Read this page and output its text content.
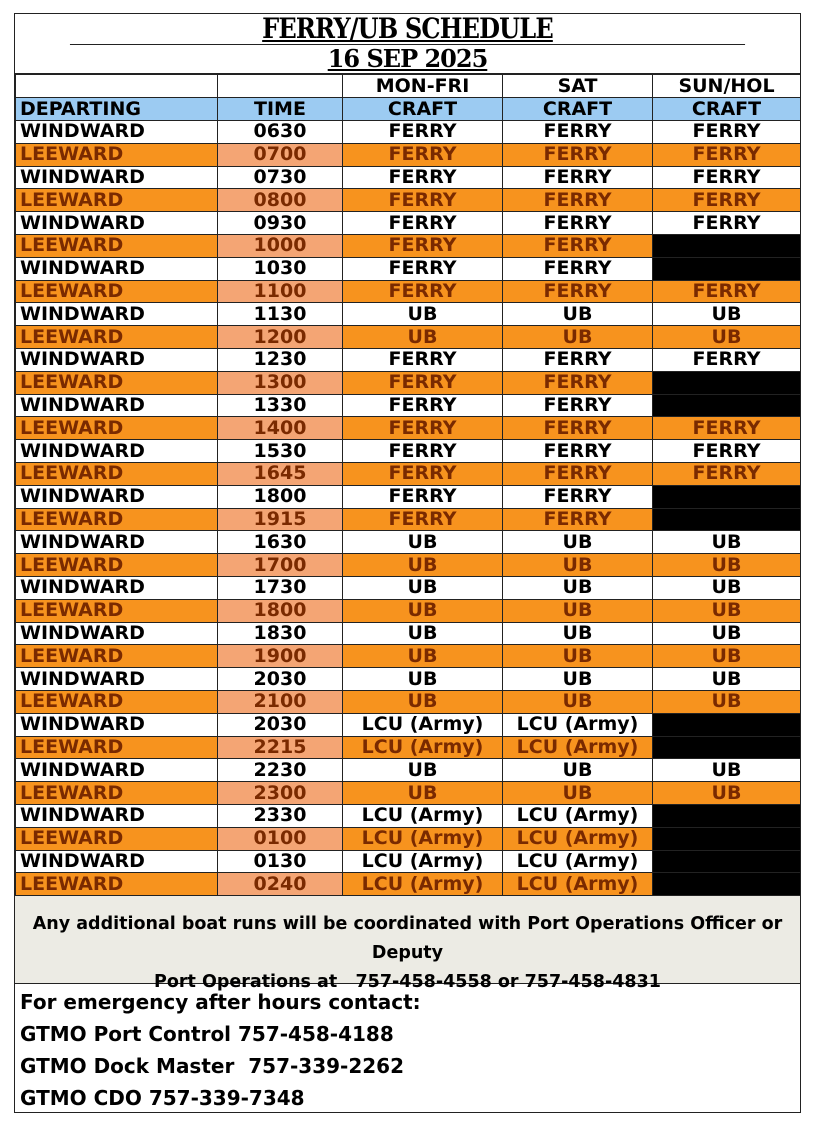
FERRY/UB SCHEDULE
16 SEP 2025
		MON-FRI	SAT	SUN/HOL
DEPARTING	TIME	CRAFT	CRAFT	CRAFT
WINDWARD	0630	FERRY	FERRY	FERRY
LEEWARD	0700	FERRY	FERRY	FERRY
WINDWARD	0730	FERRY	FERRY	FERRY
LEEWARD	0800	FERRY	FERRY	FERRY
WINDWARD	0930	FERRY	FERRY	FERRY
LEEWARD	1000	FERRY	FERRY	
WINDWARD	1030	FERRY	FERRY	
LEEWARD	1100	FERRY	FERRY	FERRY
WINDWARD	1130	UB	UB	UB
LEEWARD	1200	UB	UB	UB
WINDWARD	1230	FERRY	FERRY	FERRY
LEEWARD	1300	FERRY	FERRY	
WINDWARD	1330	FERRY	FERRY	
LEEWARD	1400	FERRY	FERRY	FERRY
WINDWARD	1530	FERRY	FERRY	FERRY
LEEWARD	1645	FERRY	FERRY	FERRY
WINDWARD	1800	FERRY	FERRY	
LEEWARD	1915	FERRY	FERRY	
WINDWARD	1630	UB	UB	UB
LEEWARD	1700	UB	UB	UB
WINDWARD	1730	UB	UB	UB
LEEWARD	1800	UB	UB	UB
WINDWARD	1830	UB	UB	UB
LEEWARD	1900	UB	UB	UB
WINDWARD	2030	UB	UB	UB
LEEWARD	2100	UB	UB	UB
WINDWARD	2030	LCU (Army)	LCU (Army)	
LEEWARD	2215	LCU (Army)	LCU (Army)	
WINDWARD	2230	UB	UB	UB
LEEWARD	2300	UB	UB	UB
WINDWARD	2330	LCU (Army)	LCU (Army)	
LEEWARD	0100	LCU (Army)	LCU (Army)	
WINDWARD	0130	LCU (Army)	LCU (Army)	
LEEWARD	0240	LCU (Army)	LCU (Army)	
Any additional boat runs will be coordinated with Port Operations Officer or Deputy
Port Operations at   757-458-4558 or 757-458-4831
For emergency after hours contact:
GTMO Port Control 757-458-4188
GTMO Dock Master  757-339-2262
GTMO CDO 757-339-7348
